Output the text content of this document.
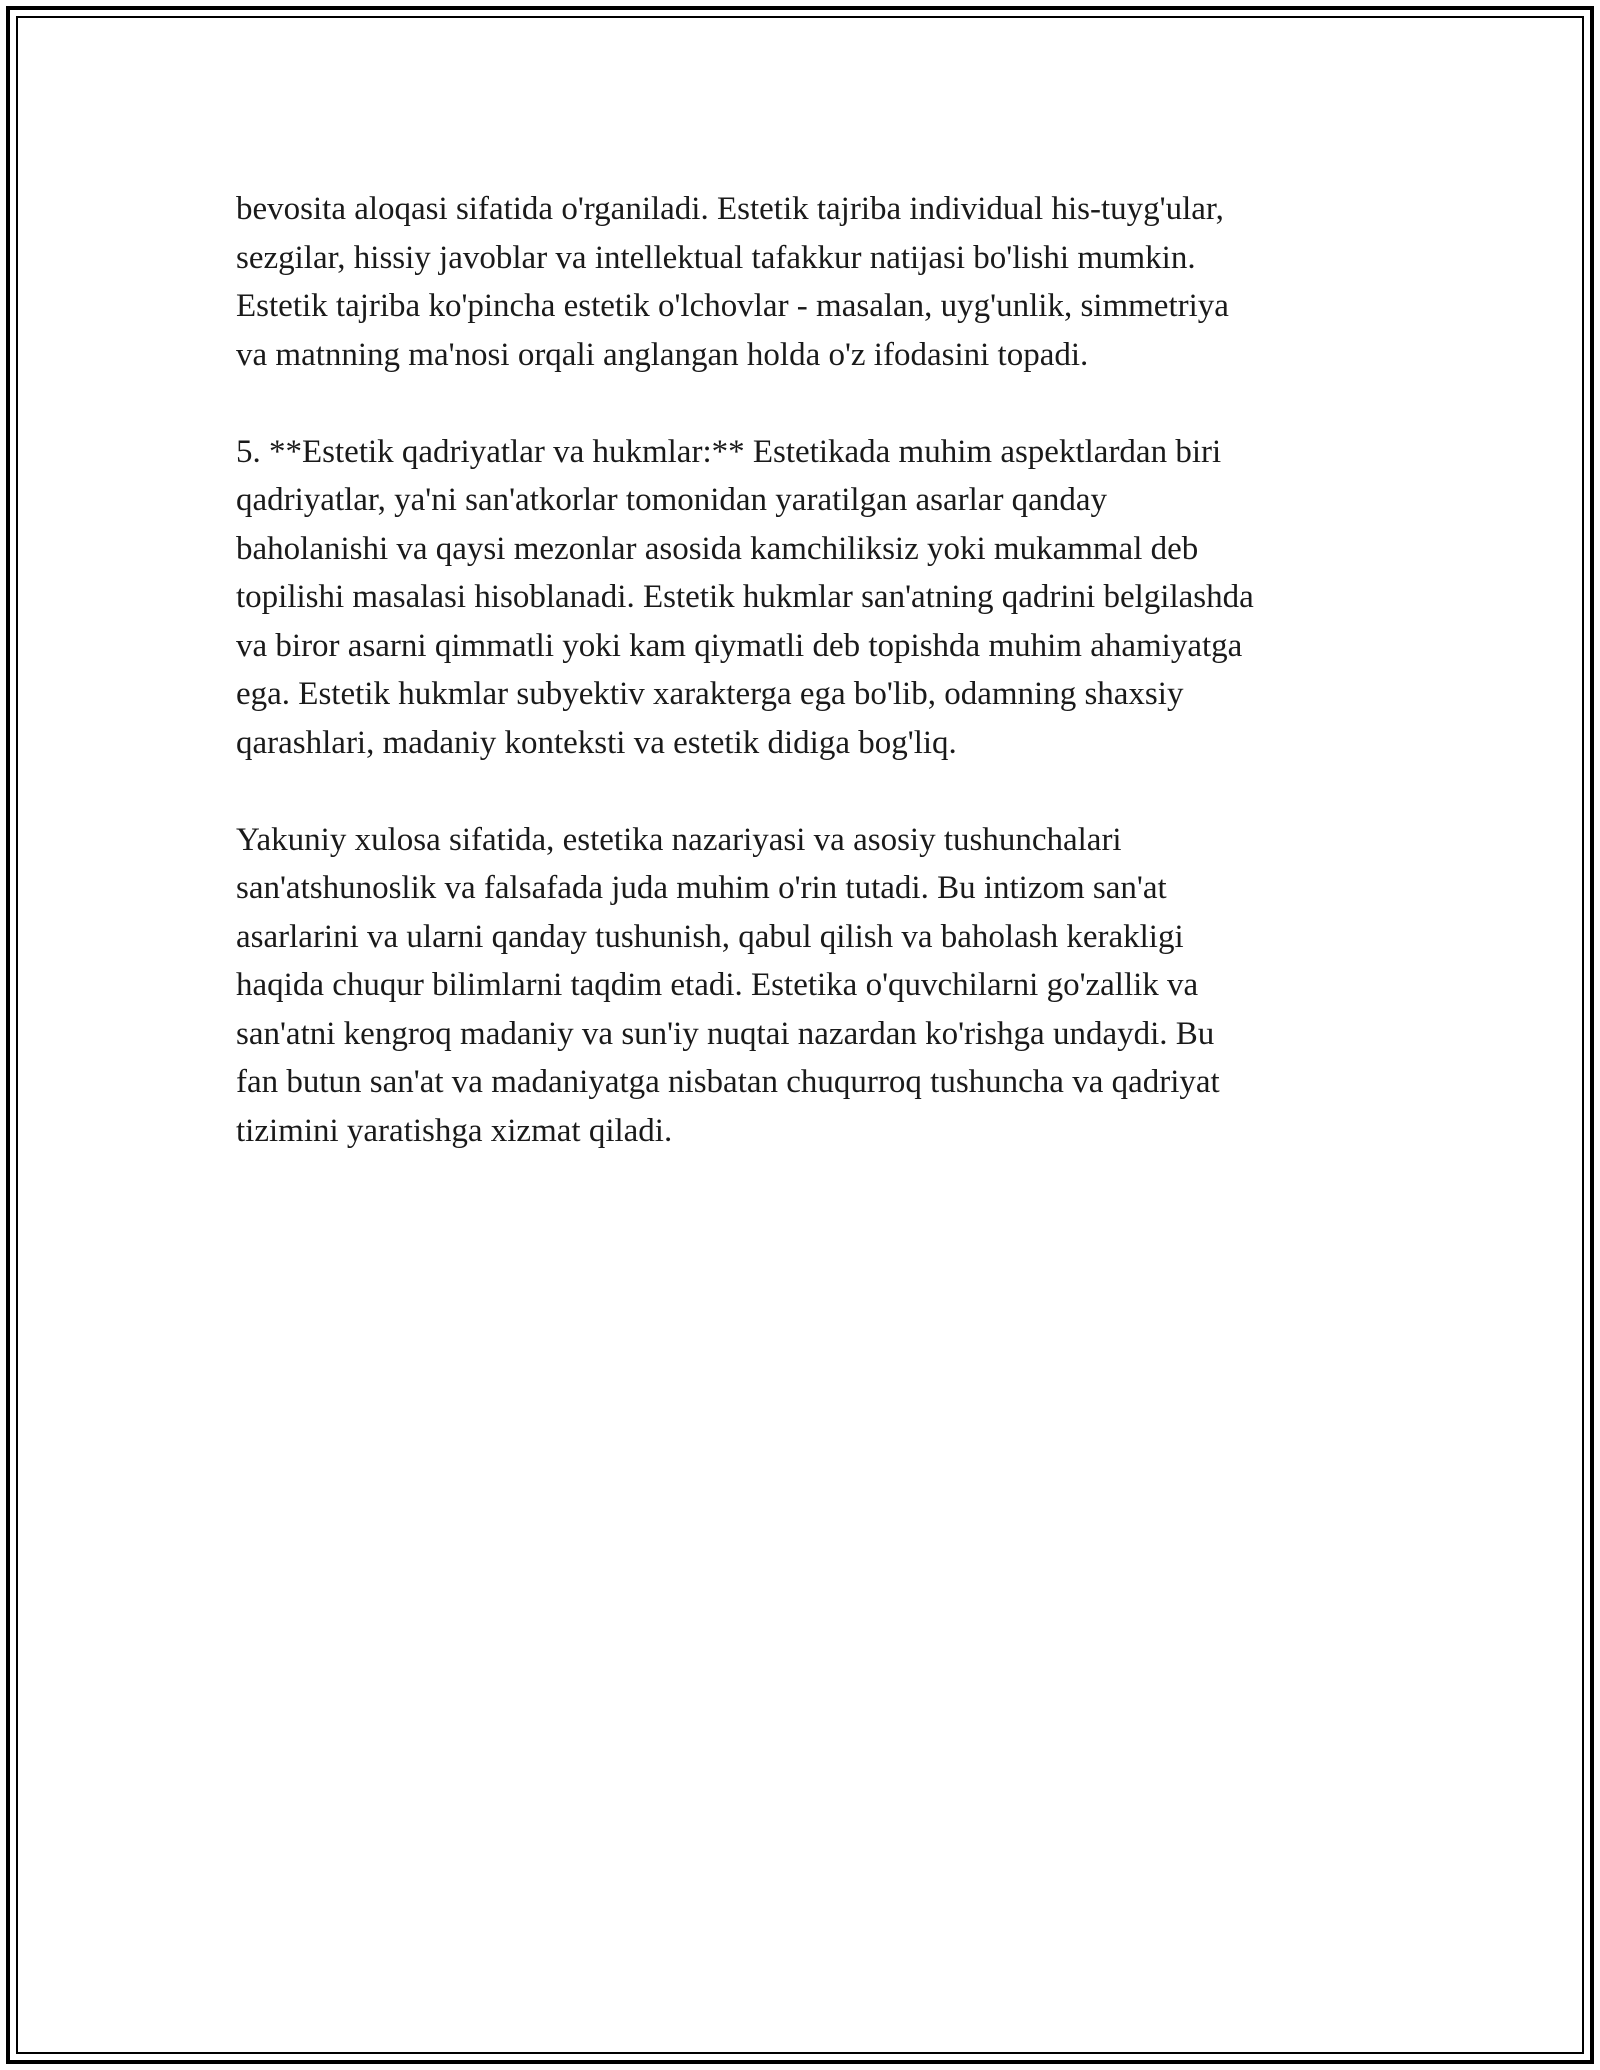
bevosita aloqasi sifatida o'rganiladi. Estetik tajriba individual his-tuyg'ular,
sezgilar, hissiy javoblar va intellektual tafakkur natijasi bo'lishi mumkin.
Estetik tajriba ko'pincha estetik o'lchovlar - masalan, uyg'unlik, simmetriya
va matnning ma'nosi orqali anglangan holda o'z ifodasini topadi.

5. **Estetik qadriyatlar va hukmlar:** Estetikada muhim aspektlardan biri
qadriyatlar, ya'ni san'atkorlar tomonidan yaratilgan asarlar qanday
baholanishi va qaysi mezonlar asosida kamchiliksiz yoki mukammal deb
topilishi masalasi hisoblanadi. Estetik hukmlar san'atning qadrini belgilashda
va biror asarni qimmatli yoki kam qiymatli deb topishda muhim ahamiyatga
ega. Estetik hukmlar subyektiv xarakterga ega bo'lib, odamning shaxsiy
qarashlari, madaniy konteksti va estetik didiga bog'liq.

Yakuniy xulosa sifatida, estetika nazariyasi va asosiy tushunchalari
san'atshunoslik va falsafada juda muhim o'rin tutadi. Bu intizom san'at
asarlarini va ularni qanday tushunish, qabul qilish va baholash kerakligi
haqida chuqur bilimlarni taqdim etadi. Estetika o'quvchilarni go'zallik va
san'atni kengroq madaniy va sun'iy nuqtai nazardan ko'rishga undaydi. Bu
fan butun san'at va madaniyatga nisbatan chuqurroq tushuncha va qadriyat
tizimini yaratishga xizmat qiladi.
